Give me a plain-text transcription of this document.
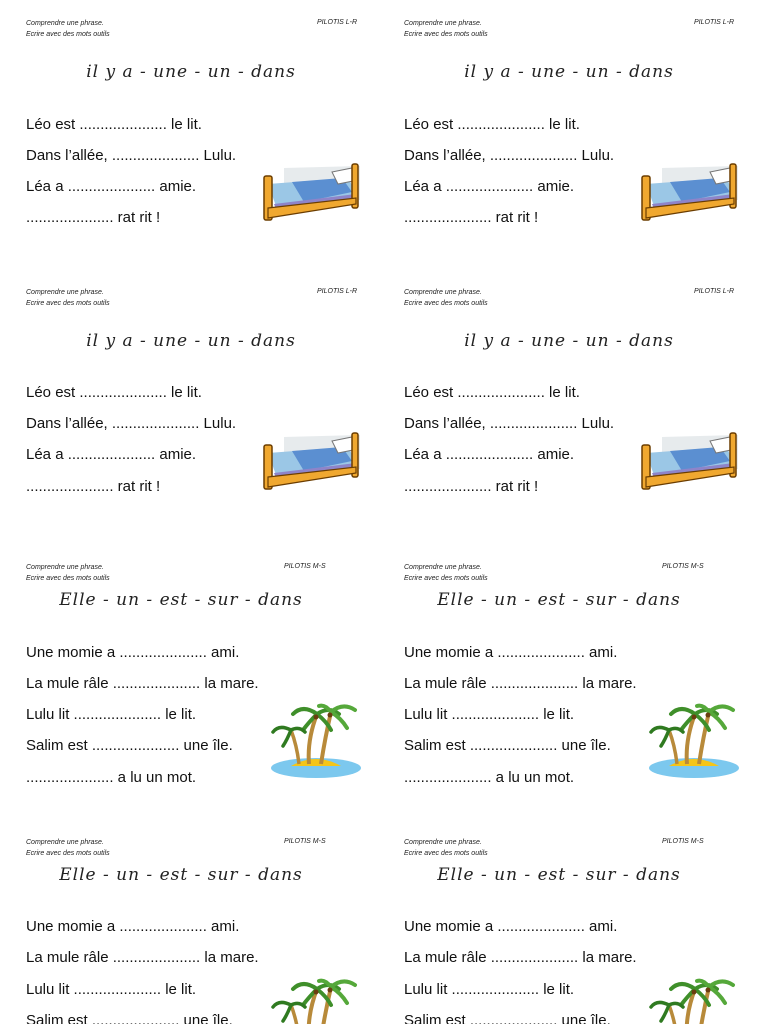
Comprendre une phrase.
Ecrire avec des mots outils
PILOTIS L-R
il y a - une - un - dans
Léo est ..................... le lit.
Dans l’allée, ..................... Lulu.
Léa a ..................... amie.
..................... rat rit !
Comprendre une phrase.
Ecrire avec des mots outils
PILOTIS L-R
il y a - une - un - dans
Léo est ..................... le lit.
Dans l’allée, ..................... Lulu.
Léa a ..................... amie.
..................... rat rit !
Comprendre une phrase.
Ecrire avec des mots outils
PILOTIS L-R
il y a - une - un - dans
Léo est ..................... le lit.
Dans l’allée, ..................... Lulu.
Léa a ..................... amie.
..................... rat rit !
Comprendre une phrase.
Ecrire avec des mots outils
PILOTIS L-R
il y a - une - un - dans
Léo est ..................... le lit.
Dans l’allée, ..................... Lulu.
Léa a ..................... amie.
..................... rat rit !
Comprendre une phrase.
Ecrire avec des mots outils
PILOTIS M-S
Elle - un - est - sur - dans
Une momie a ..................... ami.
La mule râle ..................... la mare.
Lulu lit ..................... le lit.
Salim est ..................... une île.
..................... a lu un mot.
Comprendre une phrase.
Ecrire avec des mots outils
PILOTIS M-S
Elle - un - est - sur - dans
Une momie a ..................... ami.
La mule râle ..................... la mare.
Lulu lit ..................... le lit.
Salim est ..................... une île.
..................... a lu un mot.
Comprendre une phrase.
Ecrire avec des mots outils
PILOTIS M-S
Elle - un - est - sur - dans
Une momie a ..................... ami.
La mule râle ..................... la mare.
Lulu lit ..................... le lit.
Salim est ..................... une île.
Comprendre une phrase.
Ecrire avec des mots outils
PILOTIS M-S
Elle - un - est - sur - dans
Une momie a ..................... ami.
La mule râle ..................... la mare.
Lulu lit ..................... le lit.
Salim est ..................... une île.
